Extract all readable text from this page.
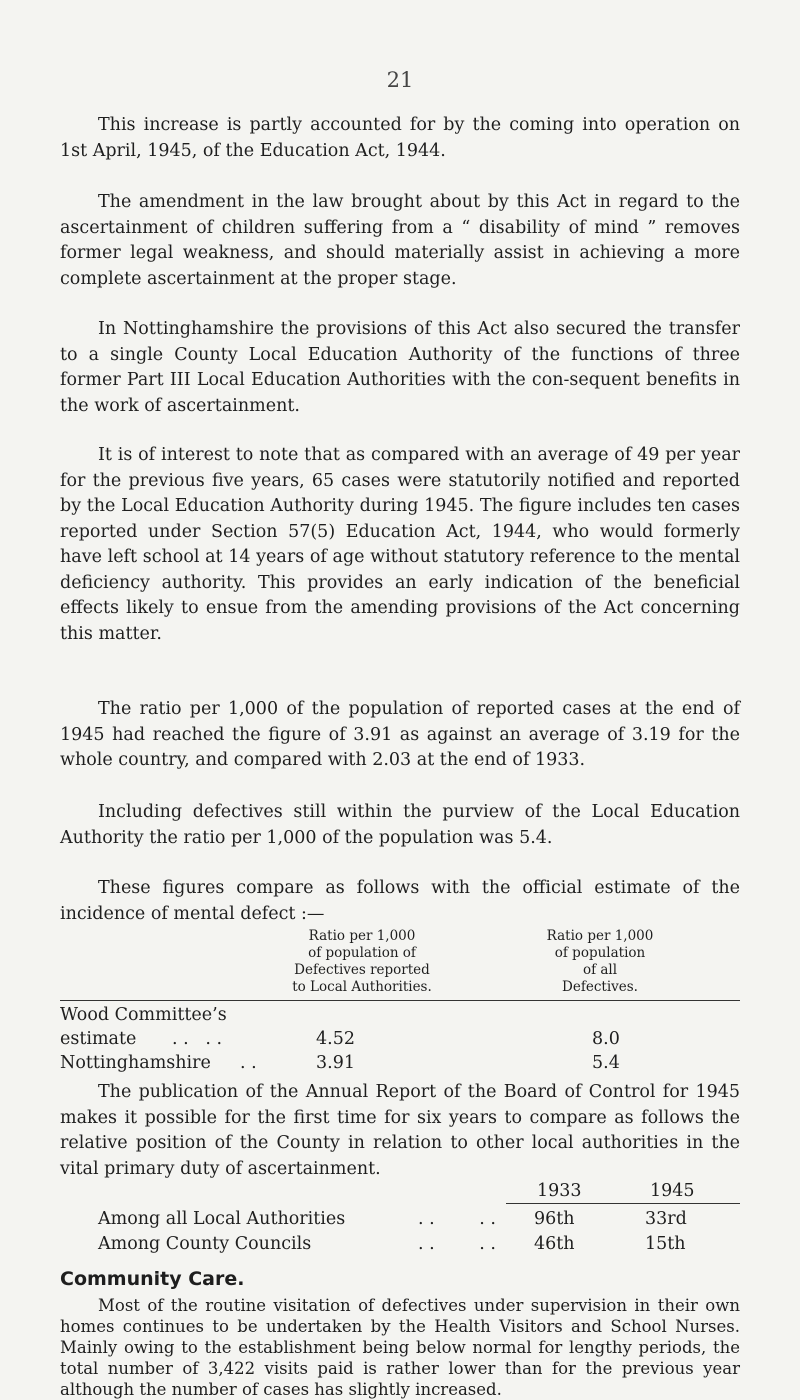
21

This increase is partly accounted for by the coming into operation on 1st April, 1945, of the Education Act, 1944.

The amendment in the law brought about by this Act in regard to the ascertainment of children suffering from a “ disability of mind ” removes former legal weakness, and should materially assist in achieving a more complete ascertainment at the proper stage.

In Nottinghamshire the provisions of this Act also secured the transfer to a single County Local Education Authority of the functions of three former Part III Local Education Authorities with the con-sequent benefits in the work of ascertainment.

It is of interest to note that as compared with an average of 49 per year for the previous five years, 65 cases were statutorily notified and reported by the Local Education Authority during 1945. The figure includes ten cases reported under Section 57(5) Education Act, 1944, who would formerly have left school at 14 years of age without statutory reference to the mental deficiency authority. This provides an early indication of the beneficial effects likely to ensue from the amending provisions of the Act concerning this matter.

The ratio per 1,000 of the population of reported cases at the end of 1945 had reached the figure of 3.91 as against an average of 3.19 for the whole country, and compared with 2.03 at the end of 1933.

Including defectives still within the purview of the Local Education Authority the ratio per 1,000 of the population was 5.4.

These figures compare as follows with the official estimate of the incidence of mental defect :—

Ratio per 1,000
of population of
Defectives reported
to Local Authorities.
Ratio per 1,000
of population
of all
Defectives.
Wood Committee’s
estimate . .   . .	4.52	8.0
Nottinghamshire . .	3.91	5.4

The publication of the Annual Report of the Board of Control for 1945 makes it possible for the first time for six years to compare as follows the relative position of the County in relation to other local authorities in the vital primary duty of ascertainment.

1933	1945
Among all Local Authorities	. .        . . 96th	33rd
Among County Councils	. .        . . 46th	15th
Community Care.

Most of the routine visitation of defectives under supervision in their own homes continues to be undertaken by the Health Visitors and School Nurses. Mainly owing to the establishment being below normal for lengthy periods, the total number of 3,422 visits paid is rather lower than for the previous year although the number of cases has slightly increased.
